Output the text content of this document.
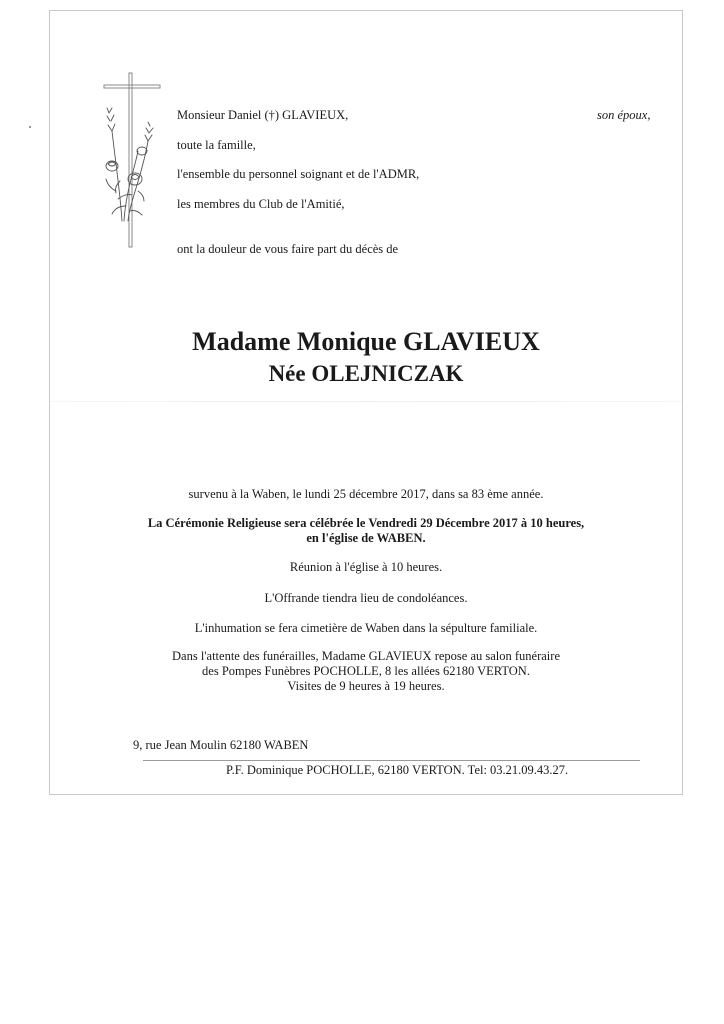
Monsieur Daniel (†) GLAVIEUX,	son époux,
toute la famille,
l'ensemble du personnel soignant et de l'ADMR,
les membres du Club de l'Amitié,
ont la douleur de vous faire part du décès de
Madame Monique GLAVIEUX
Née OLEJNICZAK
survenu à la Waben, le lundi 25 décembre 2017, dans sa 83 ème année.
La Cérémonie Religieuse sera célébrée le Vendredi 29 Décembre 2017 à 10 heures,
en l'église de WABEN.
Réunion à l'église à 10 heures.
L'Offrande tiendra lieu de condoléances.
L'inhumation se fera cimetière de Waben dans la sépulture familiale.
Dans l'attente des funérailles, Madame GLAVIEUX repose au salon funéraire
des Pompes Funèbres POCHOLLE, 8 les allées 62180 VERTON.
Visites de 9 heures à 19 heures.
9, rue Jean Moulin 62180 WABEN
P.F. Dominique POCHOLLE, 62180 VERTON. Tel: 03.21.09.43.27.
